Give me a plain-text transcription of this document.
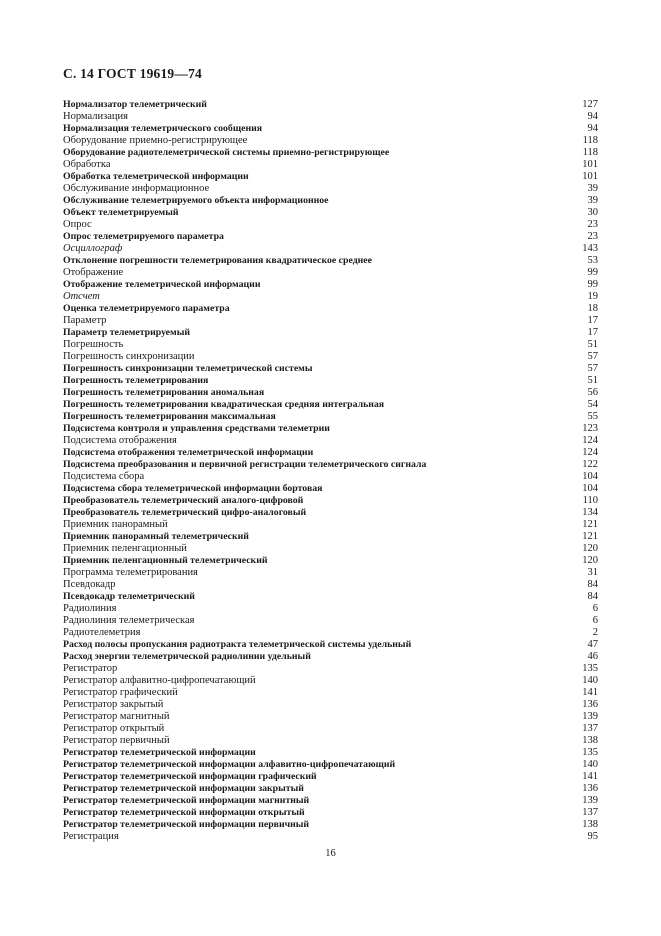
С. 14 ГОСТ 19619—74
Нормализатор телеметрический	127
Нормализация	94
Нормализация телеметрического сообщения	94
Оборудование приемно-регистрирующее	118
Оборудование радиотелеметрической системы приемно-регистрирующее	118
Обработка	101
Обработка телеметрической информации	101
Обслуживание информационное	39
Обслуживание телеметрируемого объекта информационное	39
Объект телеметрируемый	30
Опрос	23
Опрос телеметрируемого параметра	23
Осциллограф	143
Отклонение погрешности телеметрирования квадратическое среднее	53
Отображение	99
Отображение телеметрической информации	99
Отсчет	19
Оценка телеметрируемого параметра	18
Параметр	17
Параметр телеметрируемый	17
Погрешность	51
Погрешность синхронизации	57
Погрешность синхронизации телеметрической системы	57
Погрешность телеметрирования	51
Погрешность телеметрирования аномальная	56
Погрешность телеметрирования квадратическая средняя интегральная	54
Погрешность телеметрирования максимальная	55
Подсистема контроля и управления средствами телеметрии	123
Подсистема отображения	124
Подсистема отображения телеметрической информации	124
Подсистема преобразования и первичной регистрации телеметрического сигнала	122
Подсистема сбора	104
Подсистема сбора телеметрической информации бортовая	104
Преобразователь телеметрический аналого-цифровой	110
Преобразователь телеметрический цифро-аналоговый	134
Приемник панорамный	121
Приемник панорамный телеметрический	121
Приемник пеленгационный	120
Приемник пеленгационный телеметрический	120
Программа телеметрирования	31
Псевдокадр	84
Псевдокадр телеметрический	84
Радиолиния	6
Радиолиния телеметрическая	6
Радиотелеметрия	2
Расход полосы пропускания радиотракта телеметрической системы удельный	47
Расход энергии телеметрической радиолинии удельный	46
Регистратор	135
Регистратор алфавитно-цифропечатающий	140
Регистратор графический	141
Регистратор закрытый	136
Регистратор магнитный	139
Регистратор открытый	137
Регистратор первичный	138
Регистратор телеметрической информации	135
Регистратор телеметрической информации алфавитно-цифропечатающий	140
Регистратор телеметрической информации графический	141
Регистратор телеметрической информации закрытый	136
Регистратор телеметрической информации магнитный	139
Регистратор телеметрической информации открытый	137
Регистратор телеметрической информации первичный	138
Регистрация	95
16
